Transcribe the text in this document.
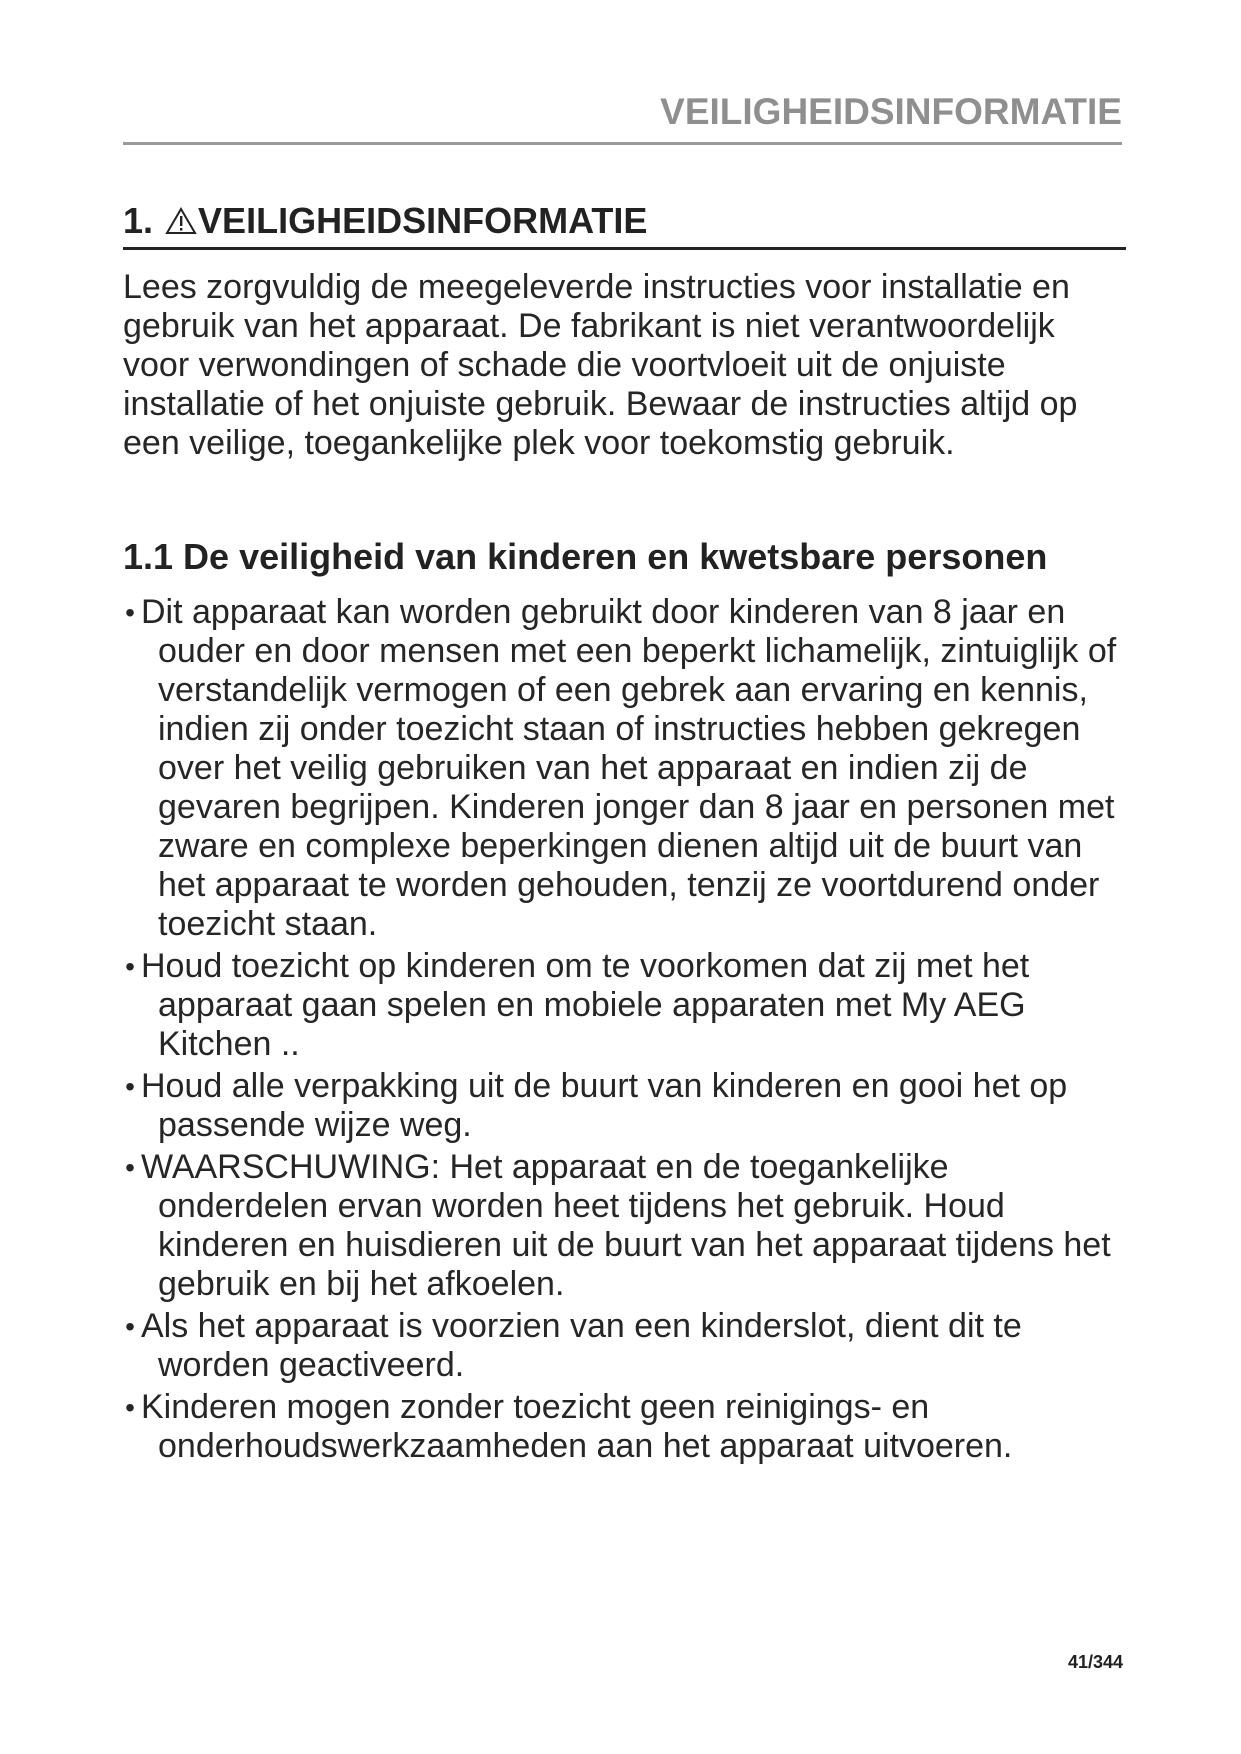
VEILIGHEIDSINFORMATIE
1. VEILIGHEIDSINFORMATIE

Lees zorgvuldig de meegeleverde instructies voor installatie en gebruik van het apparaat. De fabrikant is niet verantwoordelijk voor verwondingen of schade die voortvloeit uit de onjuiste installatie of het onjuiste gebruik. Bewaar de instructies altijd op een veilige, toegankelijke plek voor toekomstig gebruik.

1.1 De veiligheid van kinderen en kwetsbare personen
• Dit apparaat kan worden gebruikt door kinderen van 8 jaar en ouder en door mensen met een beperkt lichamelijk, zintuiglijk of verstandelijk vermogen of een gebrek aan ervaring en kennis, indien zij onder toezicht staan of instructies hebben gekregen over het veilig gebruiken van het apparaat en indien zij de gevaren begrijpen. Kinderen jonger dan 8 jaar en personen met zware en complexe beperkingen dienen altijd uit de buurt van het apparaat te worden gehouden, tenzij ze voortdurend onder toezicht staan.
• Houd toezicht op kinderen om te voorkomen dat zij met het apparaat gaan spelen en mobiele apparaten met My AEG Kitchen ..
• Houd alle verpakking uit de buurt van kinderen en gooi het op passende wijze weg.
• WAARSCHUWING: Het apparaat en de toegankelijke onderdelen ervan worden heet tijdens het gebruik. Houd kinderen en huisdieren uit de buurt van het apparaat tijdens het gebruik en bij het afkoelen.
• Als het apparaat is voorzien van een kinderslot, dient dit te worden geactiveerd.
• Kinderen mogen zonder toezicht geen reinigings- en onderhoudswerkzaamheden aan het apparaat uitvoeren.
41/344
